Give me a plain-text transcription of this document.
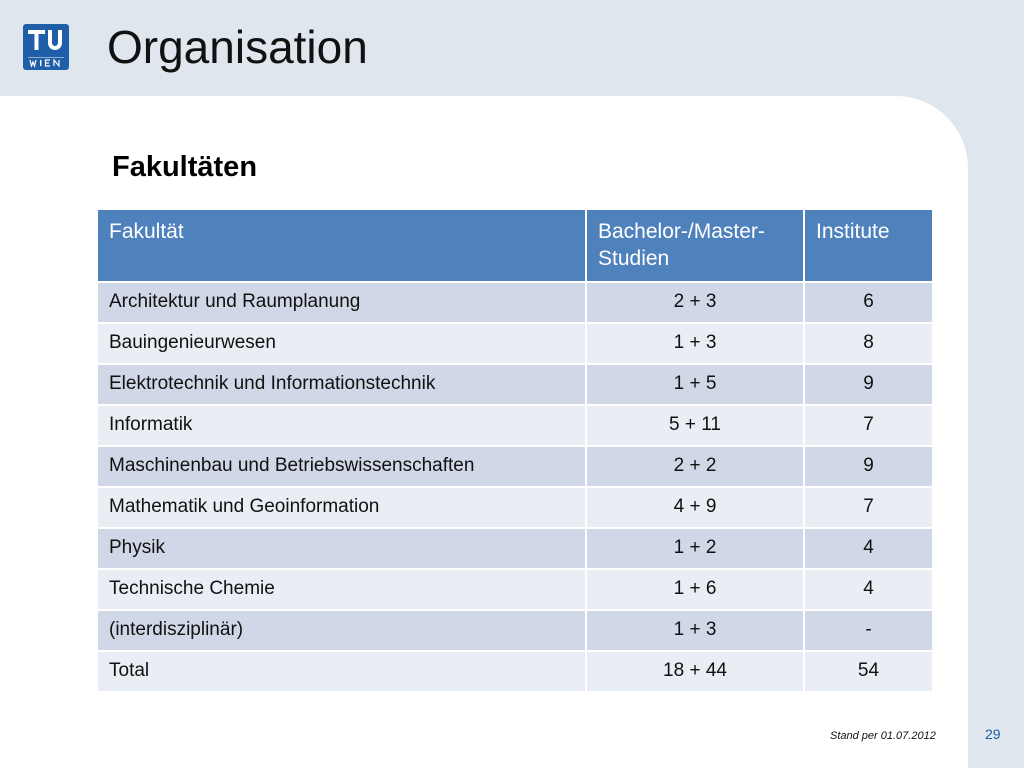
Organisation
Fakultäten
Fakultät	Bachelor-/Master-Studien	Institute
Architektur und Raumplanung	2 + 3	6
Bauingenieurwesen	1 + 3	8
Elektrotechnik und Informationstechnik	1 + 5	9
Informatik	5 + 11	7
Maschinenbau und Betriebswissenschaften	2 + 2	9
Mathematik und Geoinformation	4 + 9	7
Physik	1 + 2	4
Technische Chemie	1 + 6	4
(interdisziplinär)	1 + 3	-
Total	18 + 44	54
Stand per 01.07.2012	29
